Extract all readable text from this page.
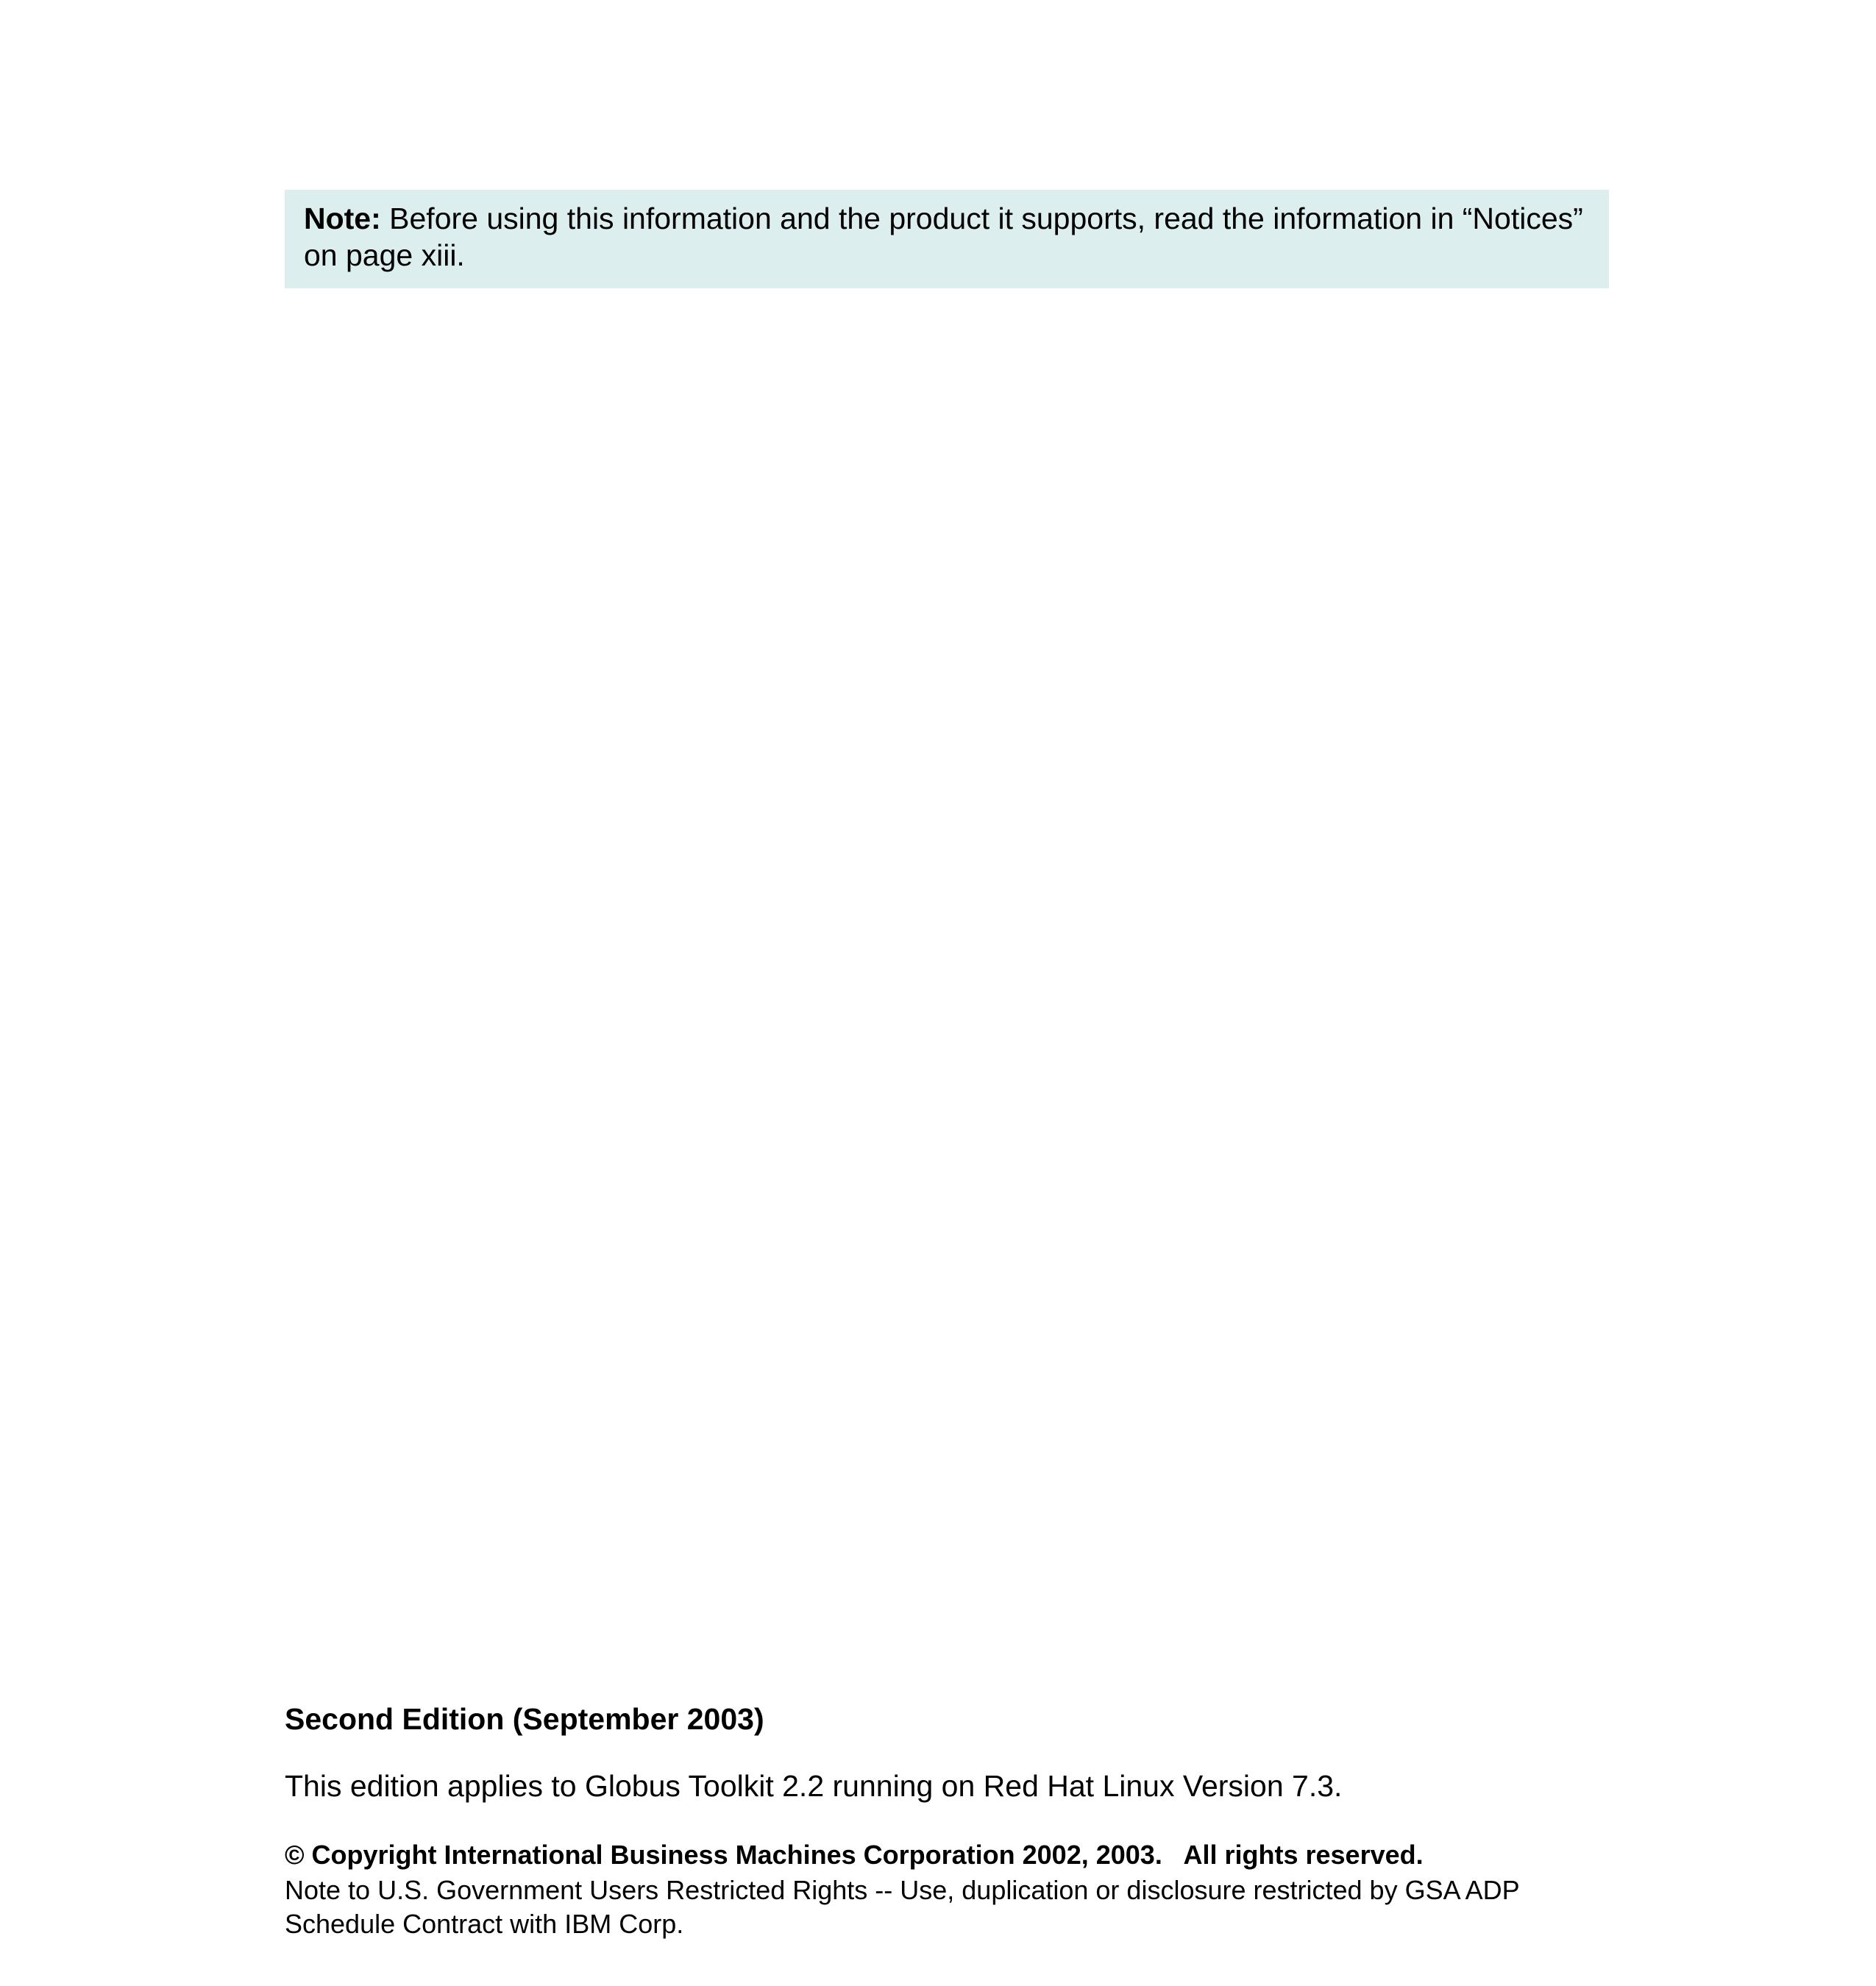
Note: Before using this information and the product it supports, read the information in “Notices” on page xiii.
Second Edition (September 2003)
This edition applies to Globus Toolkit 2.2 running on Red Hat Linux Version 7.3.
© Copyright International Business Machines Corporation 2002, 2003.   All rights reserved.
Note to U.S. Government Users Restricted Rights -- Use, duplication or disclosure restricted by GSA ADP Schedule Contract with IBM Corp.
